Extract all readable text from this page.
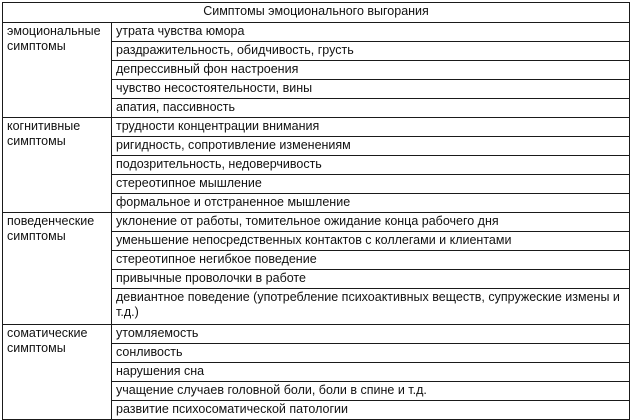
Симптомы эмоционального выгорания	
эмоциональные симптомы	утрата чувства юмора
	раздражительность, обидчивость, грусть
	депрессивный фон настроения
	чувство несостоятельности, вины
	апатия, пассивность
когнитивные симптомы	трудности концентрации внимания
	ригидность, сопротивление изменениям
	подозрительность, недоверчивость
	стереотипное мышление
	формальное и отстраненное мышление
поведенческие симптомы	уклонение от работы, томительное ожидание конца рабочего дня
	уменьшение непосредственных контактов с коллегами и клиентами
	стереотипное негибкое поведение
	привычные проволочки в работе
	девиантное поведение (употребление психоактивных веществ, супружеские измены и т.д.)
соматические симптомы	утомляемость
	сонливость
	нарушения сна
	учащение случаев головной боли, боли в спине и т.д.
	развитие психосоматической патологии
